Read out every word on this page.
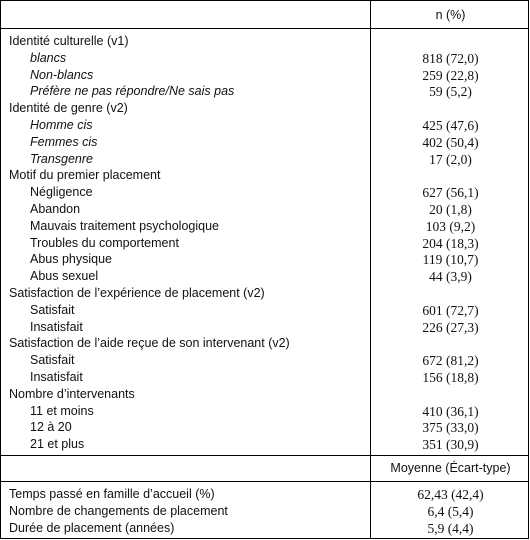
n (%)
Identité culturelle (v1)
blancs	818 (72,0)
Non-blancs	259 (22,8)
Préfère ne pas répondre/Ne sais pas	59 (5,2)
Identité de genre (v2)
Homme cis	425 (47,6)
Femmes cis	402 (50,4)
Transgenre	17 (2,0)
Motif du premier placement
Négligence	627 (56,1)
Abandon	20 (1,8)
Mauvais traitement psychologique	103 (9,2)
Troubles du comportement	204 (18,3)
Abus physique	119 (10,7)
Abus sexuel	44 (3,9)
Satisfaction de l’expérience de placement (v2)
Satisfait	601 (72,7)
Insatisfait	226 (27,3)
Satisfaction de l’aide reçue de son intervenant (v2)
Satisfait	672 (81,2)
Insatisfait	156 (18,8)
Nombre d’intervenants
11 et moins	410 (36,1)
12 à 20	375 (33,0)
21 et plus	351 (30,9)
Moyenne (Écart-type)
Temps passé en famille d’accueil (%)	62,43 (42,4)
Nombre de changements de placement	6,4 (5,4)
Durée de placement (années)	5,9 (4,4)
